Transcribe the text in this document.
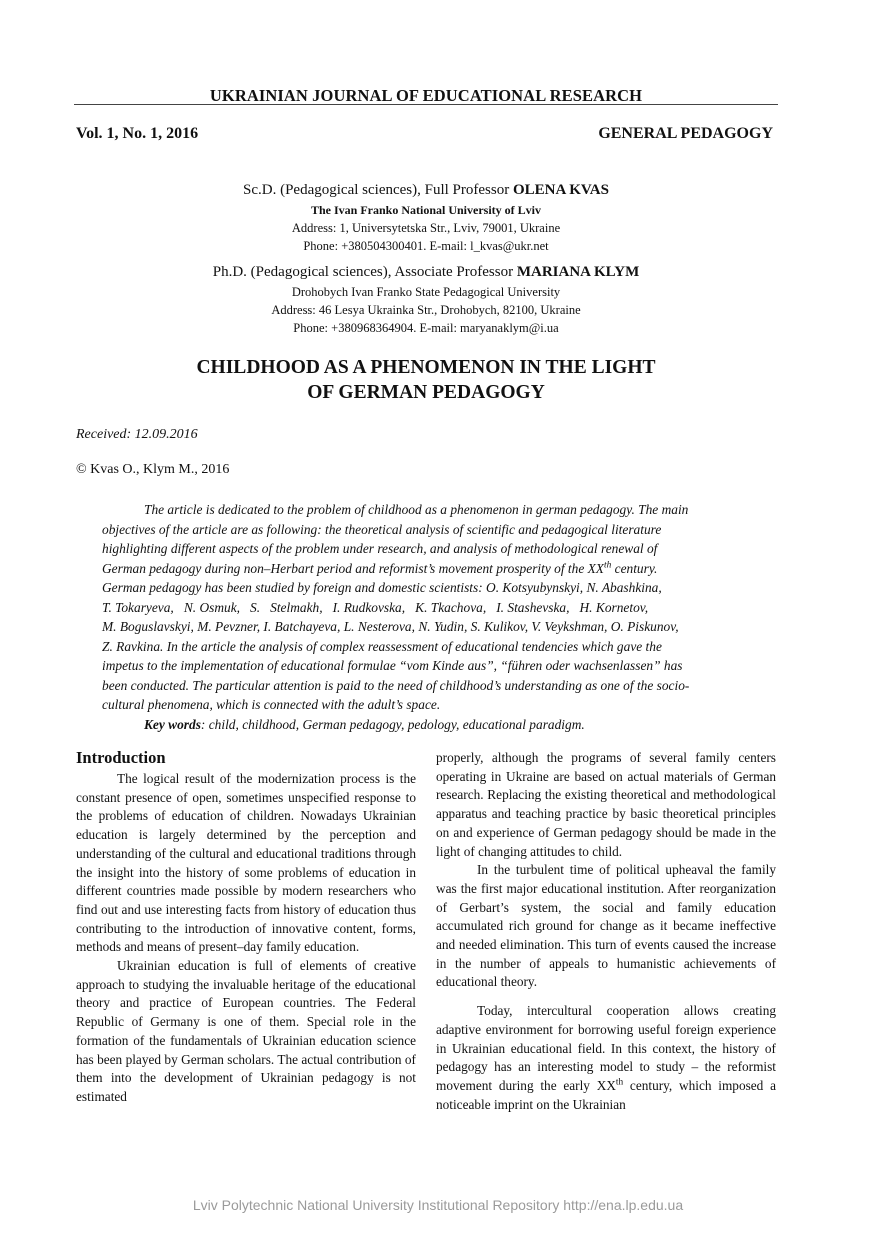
UKRAINIAN JOURNAL OF EDUCATIONAL RESEARCH
Vol. 1, No. 1, 2016	GENERAL PEDAGOGY
Sc.D. (Pedagogical sciences), Full Professor OLENA KVAS
The Ivan Franko National University of Lviv
Address: 1, Universytetska Str., Lviv, 79001, Ukraine
Phone: +380504300401. E-mail: l_kvas@ukr.net
Ph.D. (Pedagogical sciences), Associate Professor MARIANA KLYM
Drohobych Ivan Franko State Pedagogical University
Address: 46 Lesya Ukrainka Str., Drohobych, 82100, Ukraine
Phone: +380968364904. E-mail: maryanaklym@i.ua
CHILDHOOD AS A PHENOMENON IN THE LIGHT
OF GERMAN PEDAGOGY
Received: 12.09.2016
© Kvas O., Klym M., 2016
The article is dedicated to the problem of childhood as a phenomenon in german pedagogy. The main
objectives of the article are as following: the theoretical analysis of scientific and pedagogical literature
highlighting different aspects of the problem under research, and analysis of methodological renewal of
German pedagogy during non–Herbart period and reformist’s movement prosperity of the XXth century.
German pedagogy has been studied by foreign and domestic scientists: O. Kotsyubynskyi, N. Abashkina,
T. Tokaryeva,   N. Osmuk,   S.   Stelmakh,   I. Rudkovska,   K. Tkachova,   I. Stashevska,   H. Kornetov,
M. Boguslavskyi, M. Pevzner, I. Batchayeva, L. Nesterova, N. Yudin, S. Kulikov, V. Veykshman, O. Piskunov,
Z. Ravkina. In the article the analysis of complex reassessment of educational tendencies which gave the
impetus to the implementation of educational formulae “vom Kinde aus”, “führen oder wachsenlassen” has
been conducted. The particular attention is paid to the need of childhood’s understanding as one of the socio-
cultural phenomena, which is connected with the adult’s space.
Key words: child, childhood, German pedagogy, pedology, educational paradigm.
Introduction

The logical result of the modernization process is the constant presence of open, sometimes unspecified response to the problems of education of children. Nowadays Ukrainian education is largely determined by the perception and understanding of the cultural and educational traditions through the insight into the history of some problems of education in different countries made possible by modern researchers who find out and use interesting facts from history of education thus contributing to the introduction of innovative content, forms, methods and means of present–day family education.

Ukrainian education is full of elements of creative approach to studying the invaluable heritage of the educational theory and practice of European countries. The Federal Republic of Germany is one of them. Special role in the formation of the fundamentals of Ukrainian education science has been played by German scholars. The actual contribution of them into the development of Ukrainian pedagogy is not estimated

properly, although the programs of several family centers operating in Ukraine are based on actual materials of German research. Replacing the existing theoretical and methodological apparatus and teaching practice by basic theoretical principles on and experience of German pedagogy should be made in the light of changing attitudes to child.

In the turbulent time of political upheaval the family was the first major educational institution. After reorganization of Gerbart’s system, the social and family education accumulated rich ground for change as it became ineffective and needed elimination. This turn of events caused the increase in the number of appeals to humanistic achievements of educational theory.

Today, intercultural cooperation allows creating adaptive environment for borrowing useful foreign experience in Ukrainian educational field. In this context, the history of pedagogy has an interesting model to study – the reformist movement during the early XXth century, which imposed a noticeable imprint on the Ukrainian

Lviv Polytechnic National University Institutional Repository http://ena.lp.edu.ua
